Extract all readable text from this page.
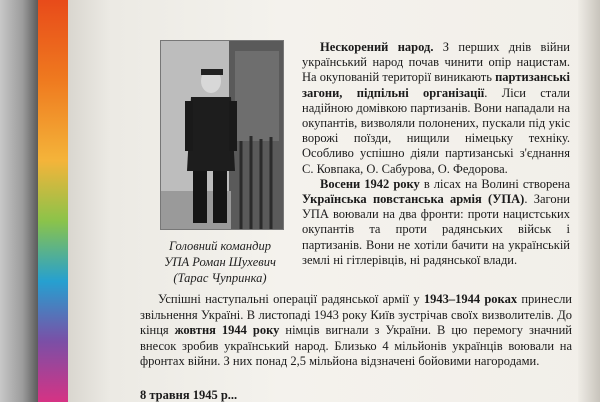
Головний командир
УПА Роман Шухевич
(Тарас Чупринка)

Нескорений народ. З перших днів війни український народ почав чинити опір нацистам. На окупованій території виникають партизанські загони, підпільні організації. Ліси стали надійною домівкою партизанів. Вони нападали на окупантів, визволяли полонених, пускали під укіс ворожі поїзди, нищили німецьку техніку. Особливо успішно діяли партизанські з'єднання С. Ковпака, О. Сабурова, О. Федорова.

Восени 1942 року в лісах на Волині створена Українська повстанська армія (УПА). Загони УПА воювали на два фронти: проти нацистських окупантів та проти радянських військ і партизанів. Вони не хотіли бачити на українській землі ні гітлерівців, ні радянської влади.

Успішні наступальні операції радянської армії у 1943–1944 роках принесли звільнення Україні. В листопаді 1943 року Київ зустрічав своїх визволителів. До кінця жовтня 1944 року німців вигнали з України. В цю перемогу значний внесок зробив український народ. Близько 4 мільйонів українців воювали на фронтах війни. З них понад 2,5 мільйона відзначені бойовими нагородами.

8 травня 1945 р...
